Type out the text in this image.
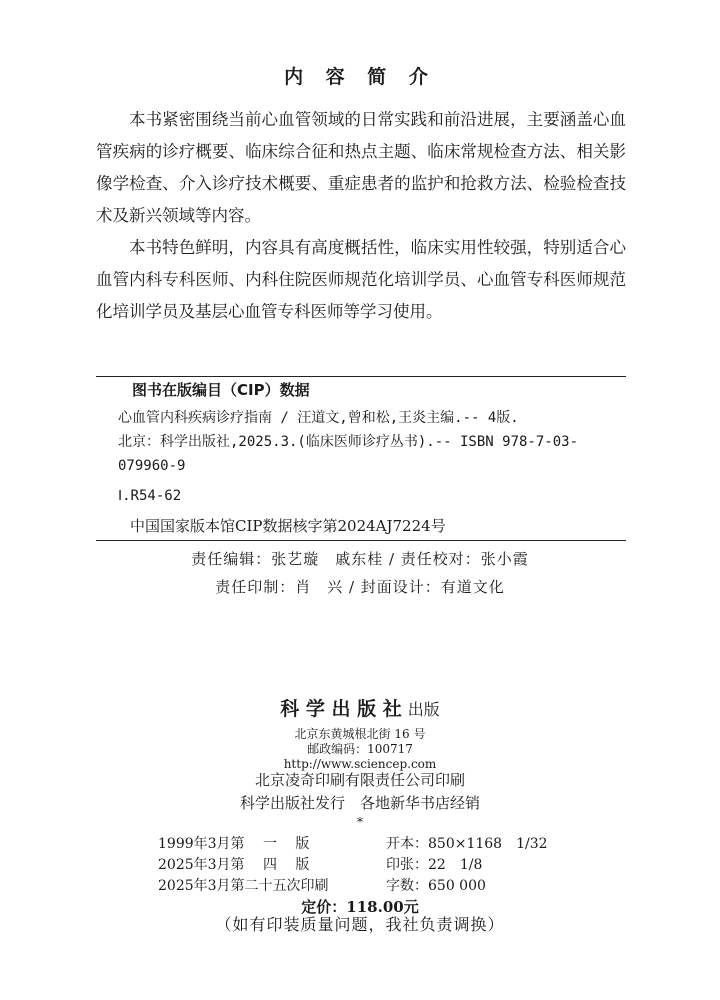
内 容 简 介

本书紧密围绕当前心血管领域的日常实践和前沿进展，主要涵盖心血管疾病的诊疗概要、临床综合征和热点主题、临床常规检查方法、相关影像学检查、介入诊疗技术概要、重症患者的监护和抢救方法、检验检查技术及新兴领域等内容。

本书特色鲜明，内容具有高度概括性，临床实用性较强，特别适合心血管内科专科医师、内科住院医师规范化培训学员、心血管专科医师规范化培训学员及基层心血管专科医师等学习使用。

图书在版编目（CIP）数据
心血管内科疾病诊疗指南 / 汪道文,曾和松,王炎主编.-- 4版.
北京：科学出版社,2025.3.(临床医师诊疗丛书).-- ISBN 978-7-03-
079960-9
Ⅰ.R54-62
中国国家版本馆CIP数据核字第2024AJ7224号
责任编辑：张艺璇　戚东桂 / 责任校对：张小霞
责任印制：肖　兴 / 封面设计：有道文化
科 学 出 版 社 出版
北京东黄城根北街 16 号
邮政编码：100717
http://www.sciencep.com
北京凌奇印刷有限责任公司印刷
科学出版社发行　各地新华书店经销
*
1999年3月第　 一　 版	开本：850×1168　1/32
2025年3月第　 四　 版	印张：22　1/8
2025年3月第二十五次印刷	字数：650 000
定价：118.00元
（如有印装质量问题，我社负责调换）
